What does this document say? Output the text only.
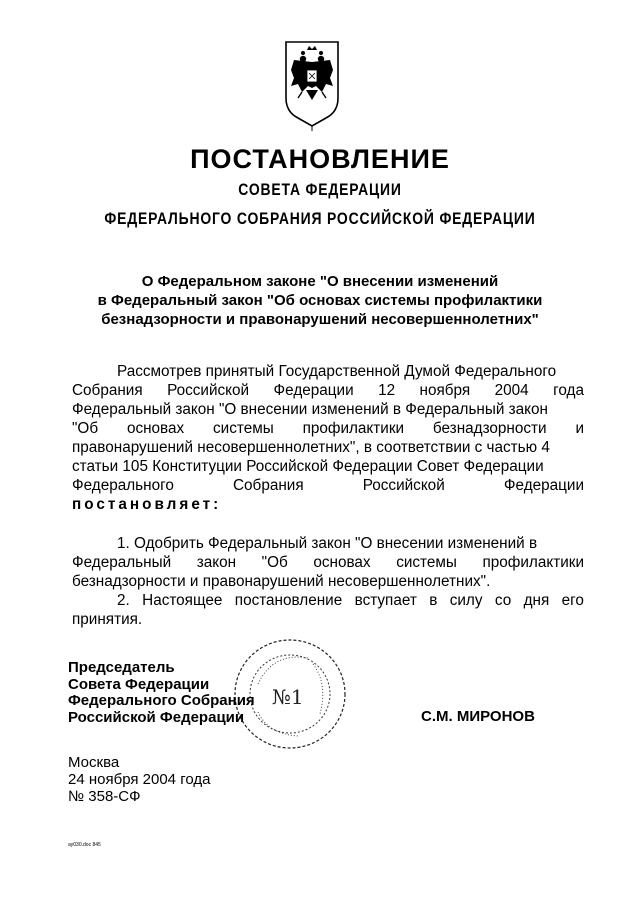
ПОСТАНОВЛЕНИЕ
СОВЕТА ФЕДЕРАЦИИ
ФЕДЕРАЛЬНОГО СОБРАНИЯ РОССИЙСКОЙ ФЕДЕРАЦИИ
О Федеральном законе "О внесении изменений
в Федеральный закон "Об основах системы профилактики
безнадзорности и правонарушений несовершеннолетних"
Рассмотрев принятый Государственной Думой Федерального
Собрания Российской Федерации 12 ноября 2004 года
Федеральный закон "О внесении изменений в Федеральный закон
"Об основах системы профилактики безнадзорности и
правонарушений несовершеннолетних", в соответствии с частью 4
статьи 105 Конституции Российской Федерации Совет Федерации
Федерального	Собрания	Российской	Федерации
постановляет:
1. Одобрить Федеральный закон "О внесении изменений в
Федеральный закон "Об основах системы профилактики
безнадзорности и правонарушений несовершеннолетних".
2. Настоящее постановление вступает в силу со дня его
принятия.
№1
Председатель
Совета Федерации
Федерального Собрания
Российской Федерации	С.М. МИРОНОВ
Москва
24 ноября 2004 года
№ 358-СФ
ay030.doc 845
